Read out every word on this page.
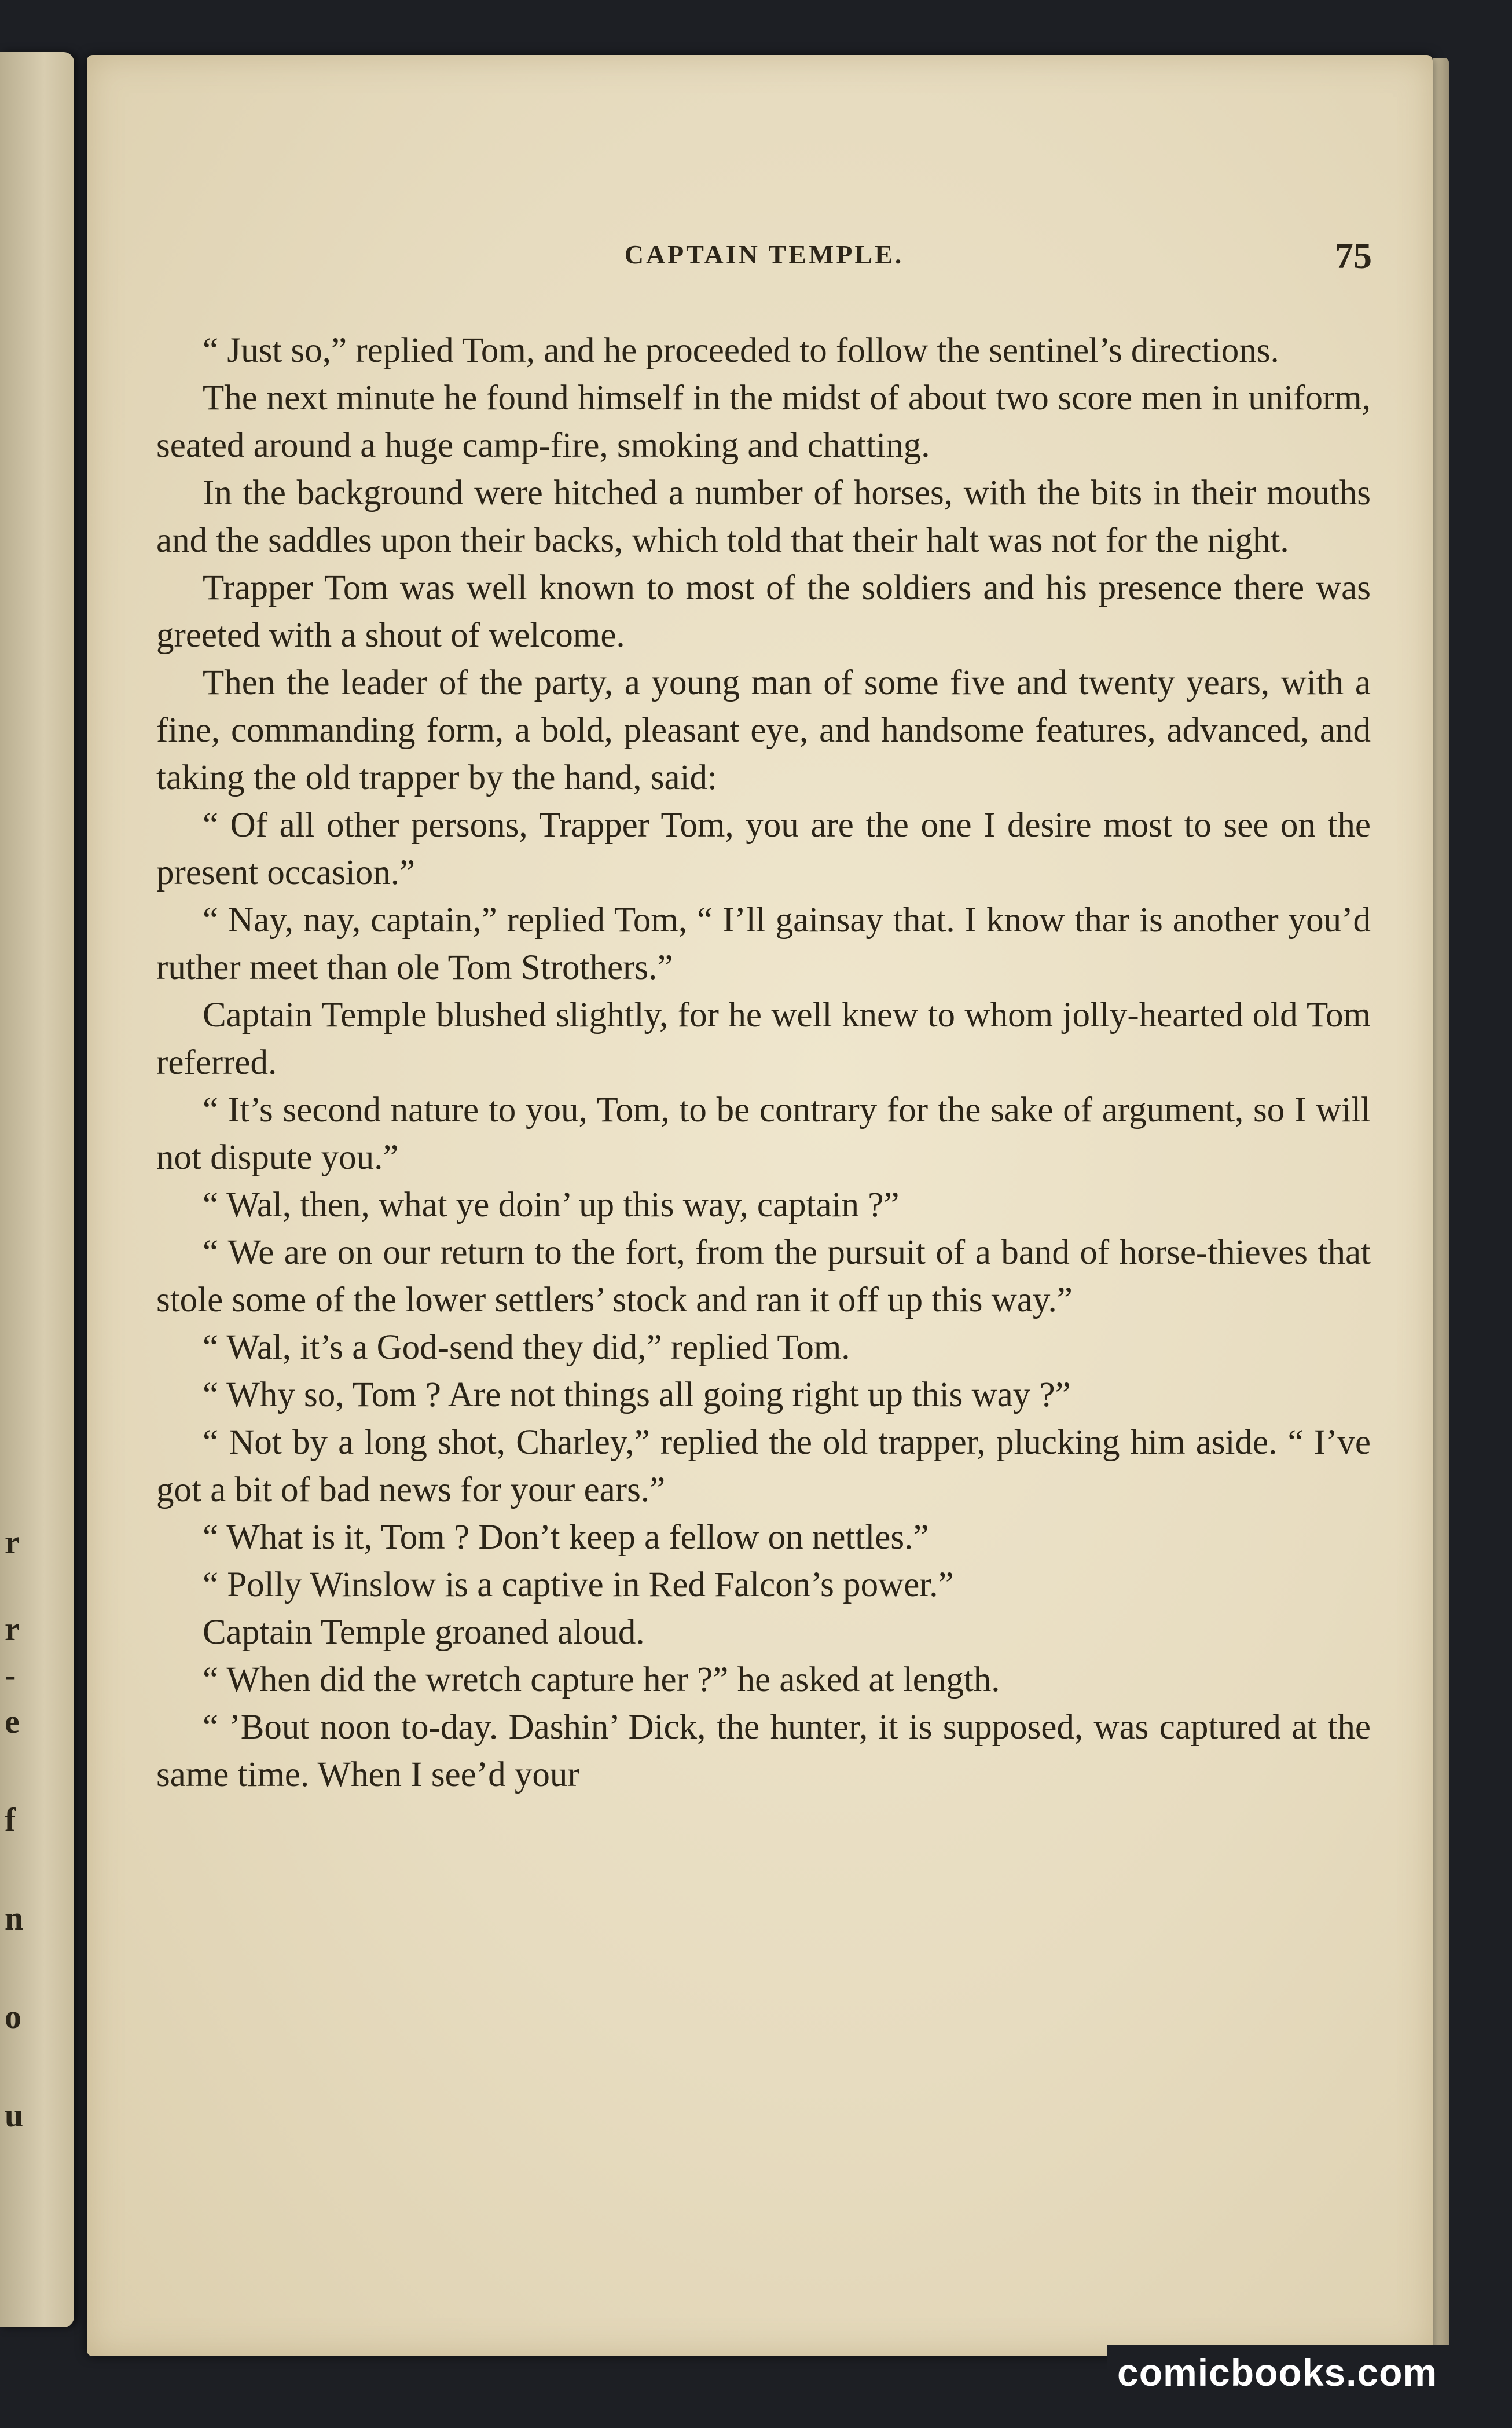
r
r
-
e
f
n
o
u
CAPTAIN TEMPLE.	75

“ Just so,” replied Tom, and he proceeded to follow the sentinel’s directions.

The next minute he found himself in the midst of about two score men in uniform, seated around a huge camp-fire, smoking and chatting.

In the background were hitched a number of horses, with the bits in their mouths and the saddles upon their backs, which told that their halt was not for the night.

Trapper Tom was well known to most of the soldiers and his presence there was greeted with a shout of welcome.

Then the leader of the party, a young man of some five and twenty years, with a fine, commanding form, a bold, pleasant eye, and handsome features, advanced, and taking the old trapper by the hand, said:

“ Of all other persons, Trapper Tom, you are the one I desire most to see on the present occasion.”

“ Nay, nay, captain,” replied Tom, “ I’ll gainsay that. I know thar is another you’d ruther meet than ole Tom Strothers.”

Captain Temple blushed slightly, for he well knew to whom jolly-hearted old Tom referred.

“ It’s second nature to you, Tom, to be contrary for the sake of argument, so I will not dispute you.”

“ Wal, then, what ye doin’ up this way, captain ?”

“ We are on our return to the fort, from the pursuit of a band of horse-thieves that stole some of the lower settlers’ stock and ran it off up this way.”

“ Wal, it’s a God-send they did,” replied Tom.

“ Why so, Tom ? Are not things all going right up this way ?”

“ Not by a long shot, Charley,” replied the old trapper, plucking him aside. “ I’ve got a bit of bad news for your ears.”

“ What is it, Tom ? Don’t keep a fellow on nettles.”

“ Polly Winslow is a captive in Red Falcon’s power.”

Captain Temple groaned aloud.

“ When did the wretch capture her ?” he asked at length.

“ ’Bout noon to-day. Dashin’ Dick, the hunter, it is supposed, was captured at the same time. When I see’d your

comicbooks.com
